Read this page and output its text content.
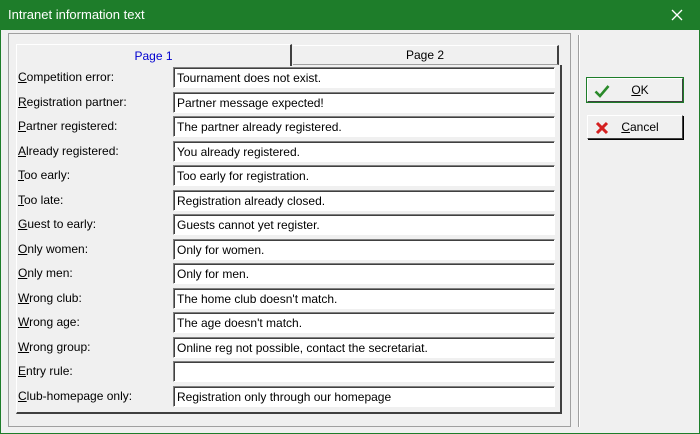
Intranet information text
Page 1	Page 2
Competition error:
Tournament does not exist.
Registration partner:
Partner message expected!
Partner registered:
The partner already registered.
Already registered:
You already registered.
Too early:
Too early for registration.
Too late:
Registration already closed.
Guest to early:
Guests cannot yet register.
Only women:
Only for women.
Only men:
Only for men.
Wrong club:
The home club doesn't match.
Wrong age:
The age doesn't match.
Wrong group:
Online reg not possible, contact the secretariat.
Entry rule:
Club-homepage only:
Registration only through our homepage
OK
Cancel
